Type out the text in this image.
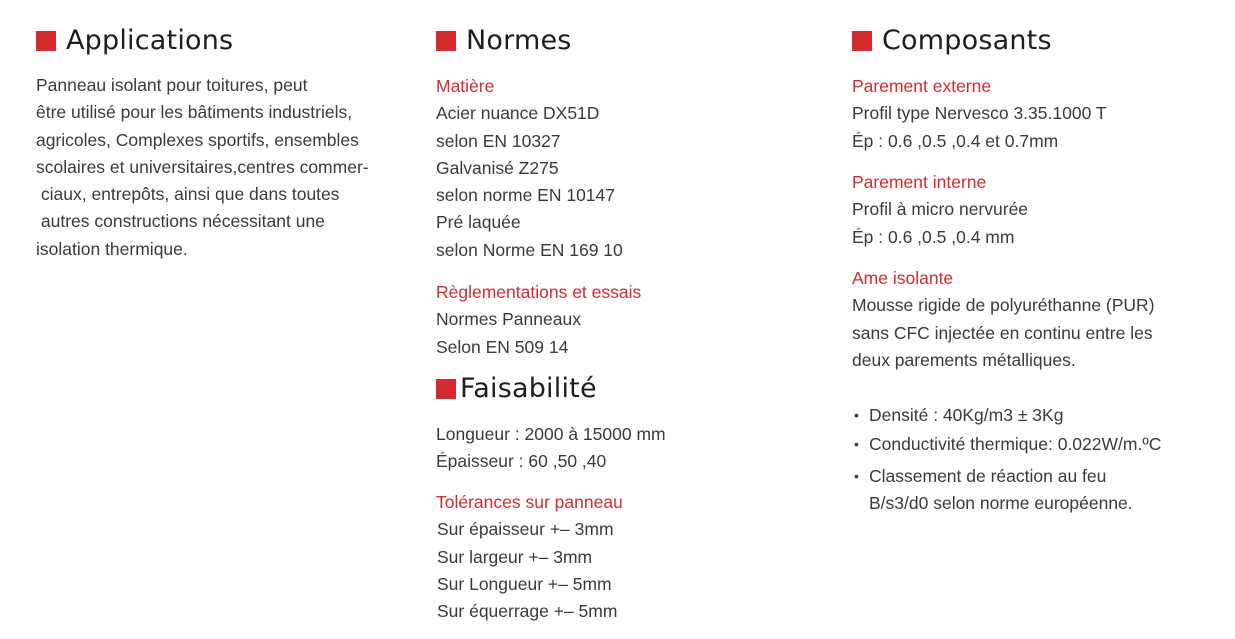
Applications
Panneau isolant pour toitures, peut
être utilisé pour les bâtiments industriels,
agricoles, Complexes sportifs, ensembles
scolaires et universitaires,centres commer-
ciaux, entrepôts, ainsi que dans toutes
autres constructions nécessitant une
isolation thermique.
Normes
Matière
Acier nuance DX51D
selon EN 10327
Galvanisé Z275
selon norme EN 10147
Pré laquée
selon Norme EN 169 10
Règlementations et essais
Normes Panneaux
Selon EN 509 14
Faisabilité
Longueur : 2000 à 15000 mm
Épaisseur : 60 ,50 ,40
Tolérances sur panneau
Sur épaisseur +– 3mm
Sur largeur +– 3mm
Sur Longueur +– 5mm
Sur équerrage +– 5mm
Composants
Parement externe
Profil type Nervesco 3.35.1000 T
Ép : 0.6 ,0.5 ,0.4 et 0.7mm
Parement interne
Profil à micro nervurée
Ép : 0.6 ,0.5 ,0.4 mm
Ame isolante
Mousse rigide de polyuréthanne (PUR)
sans CFC injectée en continu entre les
deux parements métalliques.
• Densité : 40Kg/m3 ± 3Kg
• Conductivité thermique: 0.022W/m.ºC
• Classement de réaction au feu
B/s3/d0 selon norme européenne.
